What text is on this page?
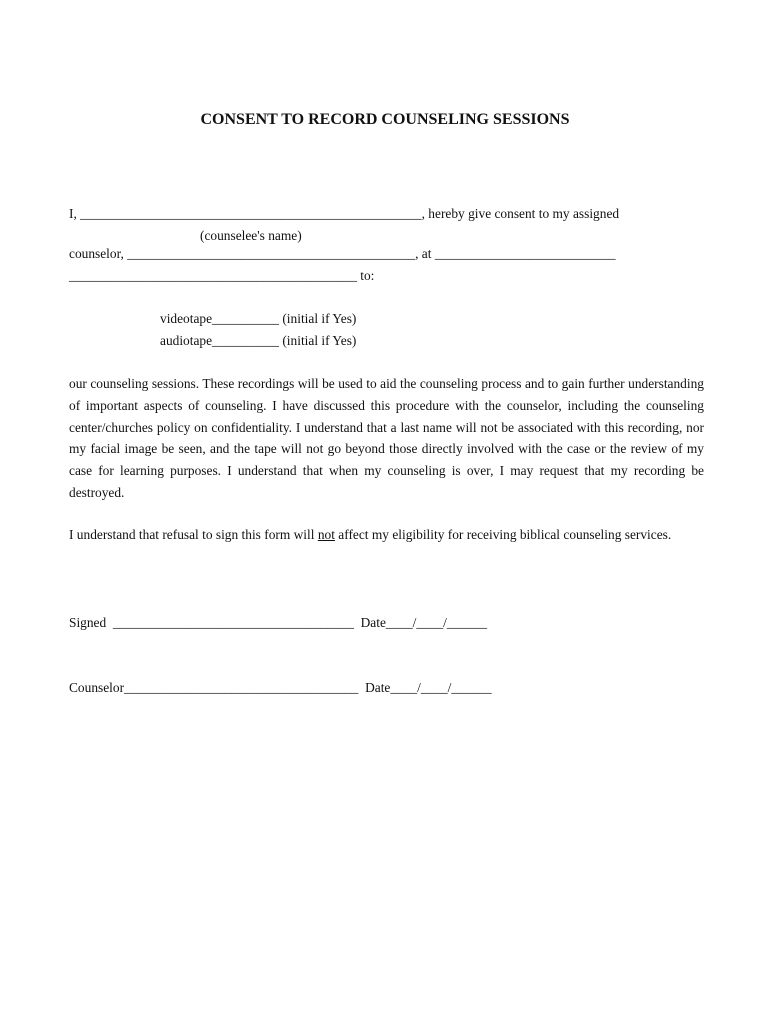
CONSENT TO RECORD COUNSELING SESSIONS
I, ___________________________________________________, hereby give consent to my assigned
(counselee's name)
counselor, ___________________________________________, at ___________________________
___________________________________________ to:
videotape__________ (initial if Yes)
audiotape__________ (initial if Yes)

our counseling sessions. These recordings will be used to aid the counseling process and to gain further understanding of important aspects of counseling. I have discussed this procedure with the counselor, including the counseling center/churches policy on confidentiality. I understand that a last name will not be associated with this recording, nor my facial image be seen, and the tape will not go beyond those directly involved with the case or the review of my case for learning purposes. I understand that when my counseling is over, I may request that my recording be destroyed.

I understand that refusal to sign this form will not affect my eligibility for receiving biblical counseling services.

Signed  ____________________________________  Date____/____/______
Counselor___________________________________  Date____/____/______
